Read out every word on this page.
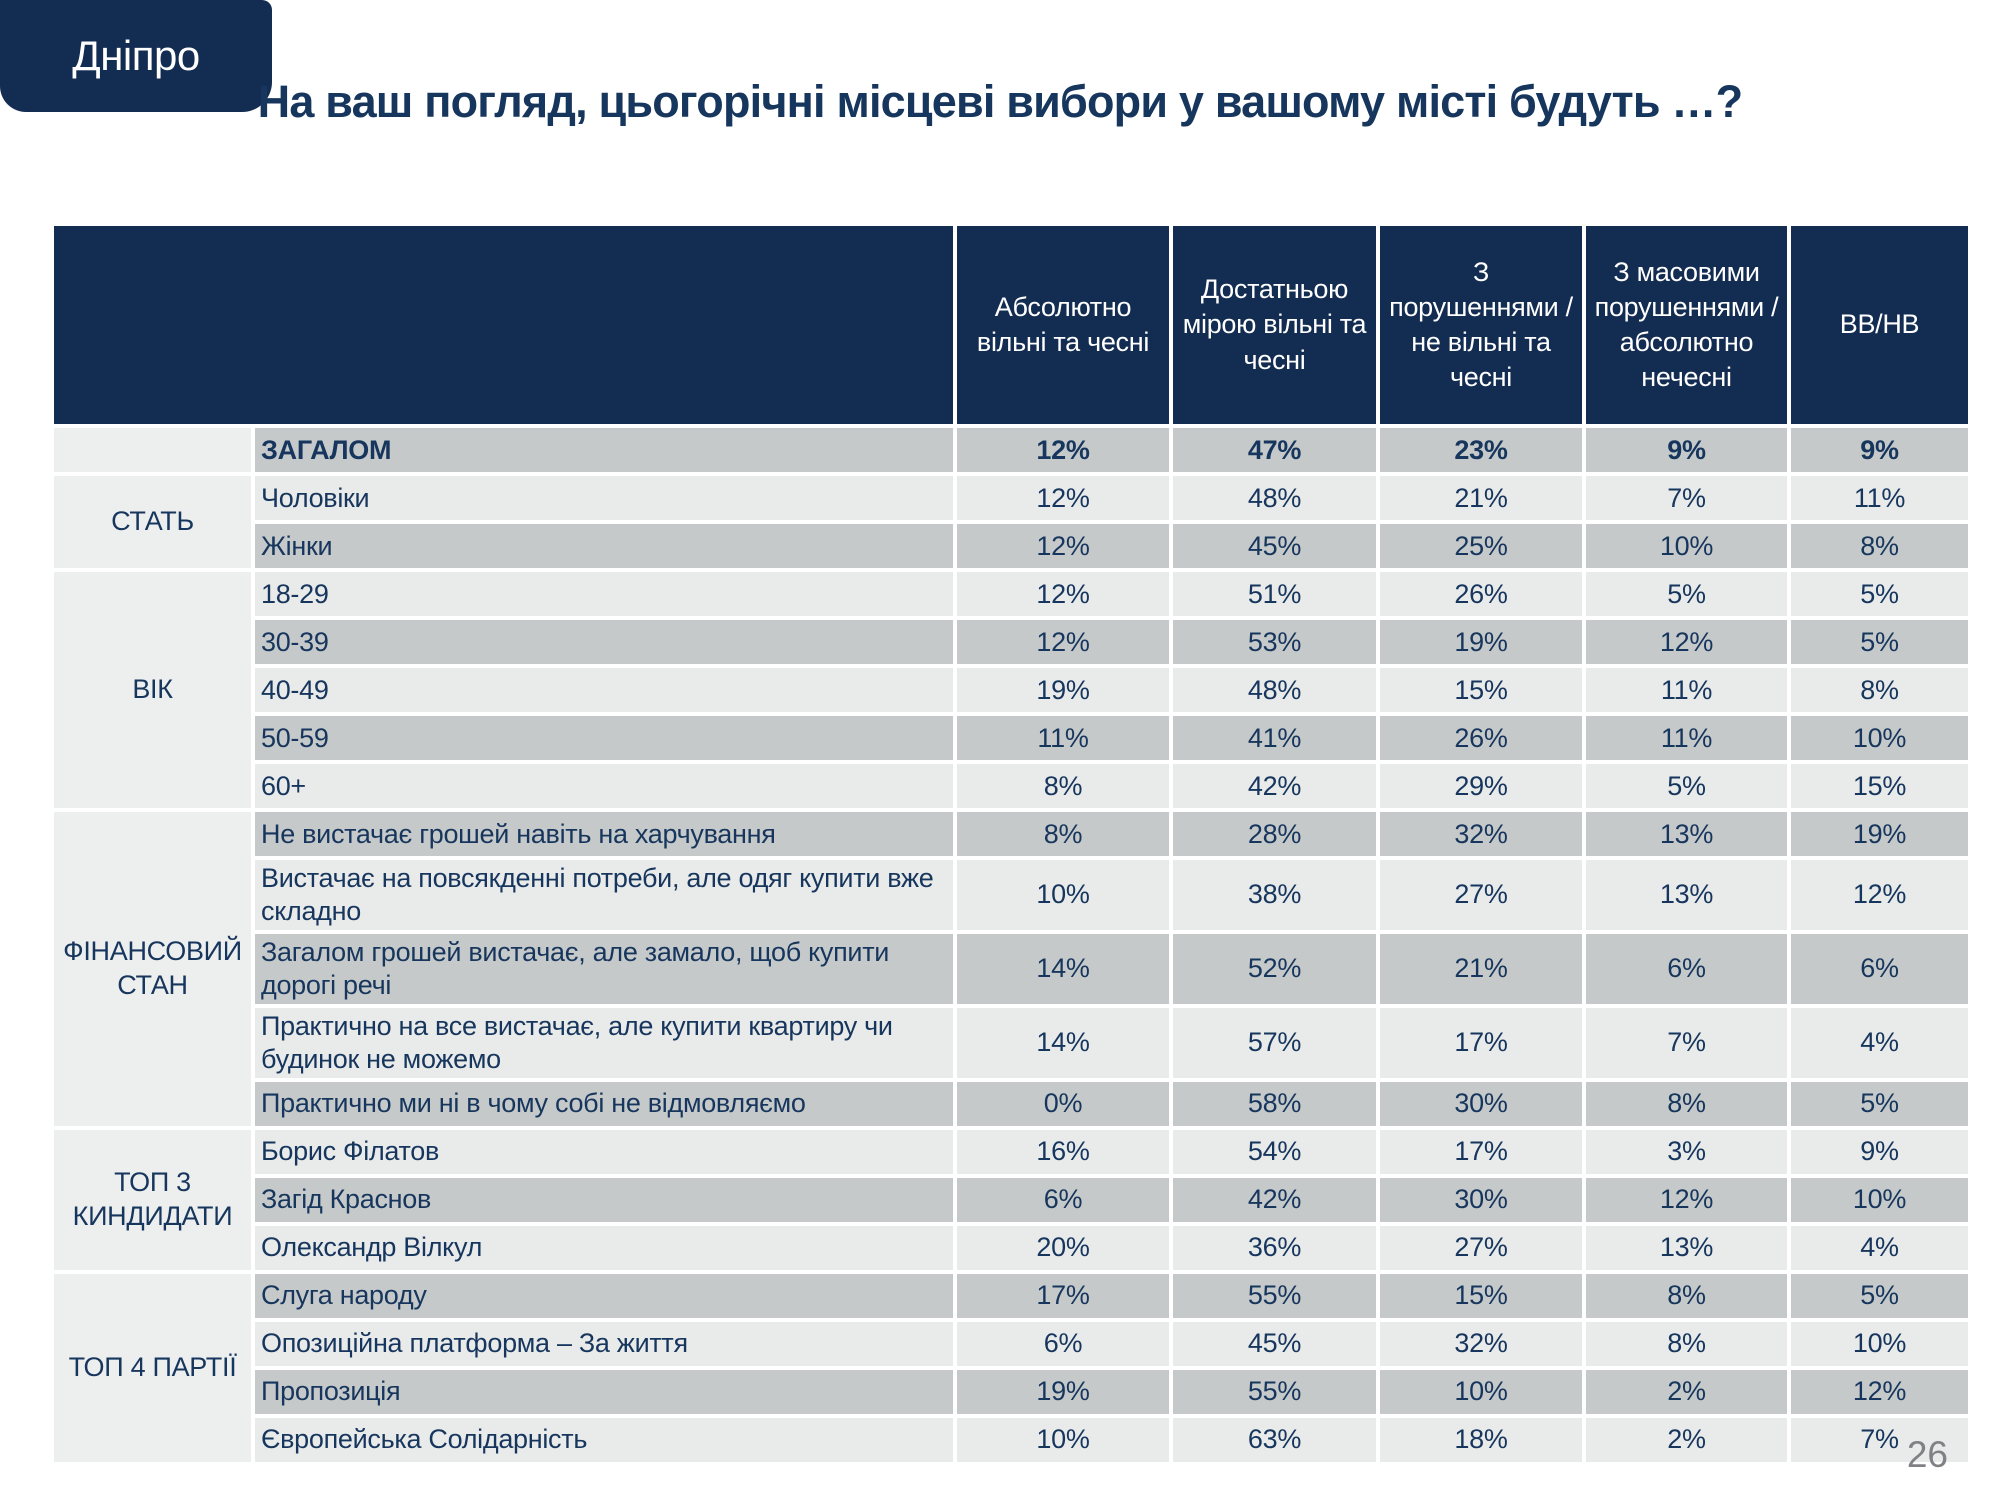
Дніпро
На ваш погляд, цьогорічні місцеві вибори у вашому місті будуть …?
		Абсолютно вільні та чесні	Достатньою мірою вільні та чесні	З порушеннями / не вільні та чесні	З масовими порушеннями / абсолютно нечесні	ВВ/НВ
	ЗАГАЛОМ	12%	47%	23%	9%	9%
СТАТЬ	Чоловіки	12%	48%	21%	7%	11%
	Жінки	12%	45%	25%	10%	8%
ВІК	18-29	12%	51%	26%	5%	5%
	30-39	12%	53%	19%	12%	5%
	40-49	19%	48%	15%	11%	8%
	50-59	11%	41%	26%	11%	10%
	60+	8%	42%	29%	5%	15%
ФІНАНСОВИЙ СТАН	Не вистачає грошей навіть на харчування	8%	28%	32%	13%	19%
	Вистачає на повсякденні потреби, але одяг купити вже складно	10%	38%	27%	13%	12%
	Загалом грошей вистачає, але замало, щоб купити дорогі речі	14%	52%	21%	6%	6%
	Практично на все вистачає, але купити квартиру чи будинок не можемо	14%	57%	17%	7%	4%
	Практично ми ні в чому собі не відмовляємо	0%	58%	30%	8%	5%
ТОП 3 КИНДИДАТИ	Борис Філатов	16%	54%	17%	3%	9%
	Загід Краснов	6%	42%	30%	12%	10%
	Олександр Вілкул	20%	36%	27%	13%	4%
ТОП 4 ПАРТІЇ	Слуга народу	17%	55%	15%	8%	5%
	Опозиційна платформа – За життя	6%	45%	32%	8%	10%
	Пропозиція	19%	55%	10%	2%	12%
	Європейська Солідарність	10%	63%	18%	2%	7% 26
